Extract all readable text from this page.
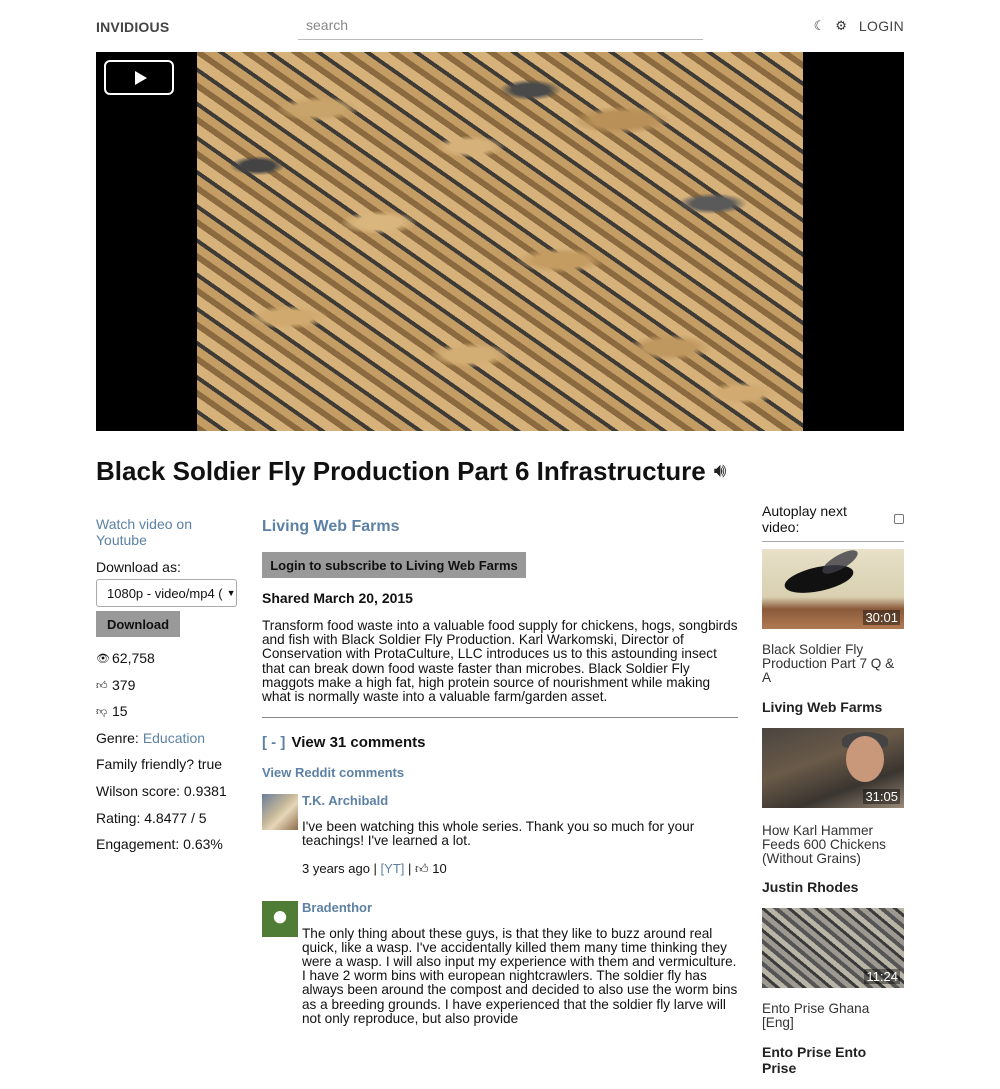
INVIDIOUS
search	☾ ⚙ LOGIN
Black Soldier Fly Production Part 6 Infrastructure 🔊︎
Watch video on Youtube
Download as:
1080p - video/mp4 ( ▼
Download
👁︎ 62,758
👍︎ 379
👎︎ 15
Genre: Education
Family friendly? true
Wilson score: 0.9381
Rating: 4.8477 / 5
Engagement: 0.63%
Living Web Farms
Login to subscribe to Living Web Farms
Shared March 20, 2015
Transform food waste into a valuable food supply for chickens, hogs, songbirds and fish with Black Soldier Fly Production. Karl Warkomski, Director of Conservation with ProtaCulture, LLC introduces us to this astounding insect that can break down food waste faster than microbes. Black Soldier Fly maggots make a high fat, high protein source of nourishment while making what is normally waste into a valuable farm/garden asset.
[ - ] View 31 comments
View Reddit comments
T.K. Archibald
I've been watching this whole series. Thank you so much for your teachings! I've learned a lot.
3 years ago | [YT] | 👍︎ 10
Bradenthor
The only thing about these guys, is that they like to buzz around real quick, like a wasp. I've accidentally killed them many time thinking they were a wasp. I will also input my experience with them and vermiculture. I have 2 worm bins with european nightcrawlers. The soldier fly has always been around the compost and decided to also use the worm bins as a breeding grounds. I have experienced that the soldier fly larve will not only reproduce, but also provide
Autoplay next video:
30:01
Black Soldier Fly Production Part 7 Q & A
Living Web Farms
31:05
How Karl Hammer Feeds 600 Chickens (Without Grains)
Justin Rhodes
11:24
Ento Prise Ghana [Eng]
Ento Prise Ento Prise
